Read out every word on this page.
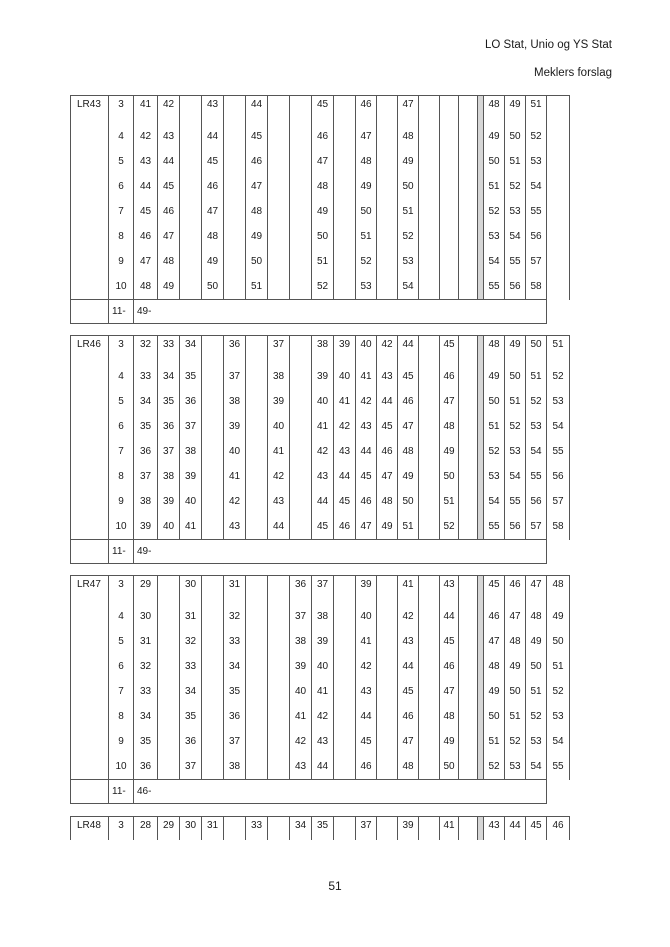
LO Stat, Unio og YS Stat
Meklers forslag
LR43	3	41	42		43		44			45		46		47					48	49	51	
	4	42	43		44		45			46		47		48					49	50	52	
	5	43	44		45		46			47		48		49					50	51	53	
	6	44	45		46		47			48		49		50					51	52	54	
	7	45	46		47		48			49		50		51					52	53	55	
	8	46	47		48		49			50		51		52					53	54	56	
	9	47	48		49		50			51		52		53					54	55	57	
	10	48	49		50		51			52		53		54					55	56	58	
	11-	49-																				
LR46	3	32	33	34		36		37		38	39	40	42	44		45			48	49	50	51
	4	33	34	35		37		38		39	40	41	43	45		46			49	50	51	52
	5	34	35	36		38		39		40	41	42	44	46		47			50	51	52	53
	6	35	36	37		39		40		41	42	43	45	47		48			51	52	53	54
	7	36	37	38		40		41		42	43	44	46	48		49			52	53	54	55
	8	37	38	39		41		42		43	44	45	47	49		50			53	54	55	56
	9	38	39	40		42		43		44	45	46	48	50		51			54	55	56	57
	10	39	40	41		43		44		45	46	47	49	51		52			55	56	57	58
	11-	49-																				
LR47	3	29		30		31			36	37		39		41		43			45	46	47	48
	4	30		31		32			37	38		40		42		44			46	47	48	49
	5	31		32		33			38	39		41		43		45			47	48	49	50
	6	32		33		34			39	40		42		44		46			48	49	50	51
	7	33		34		35			40	41		43		45		47			49	50	51	52
	8	34		35		36			41	42		44		46		48			50	51	52	53
	9	35		36		37			42	43		45		47		49			51	52	53	54
	10	36		37		38			43	44		46		48		50			52	53	54	55
	11-	46-																				
LR48	3	28	29	30	31		33		34	35		37		39		41			43	44	45	46
51
